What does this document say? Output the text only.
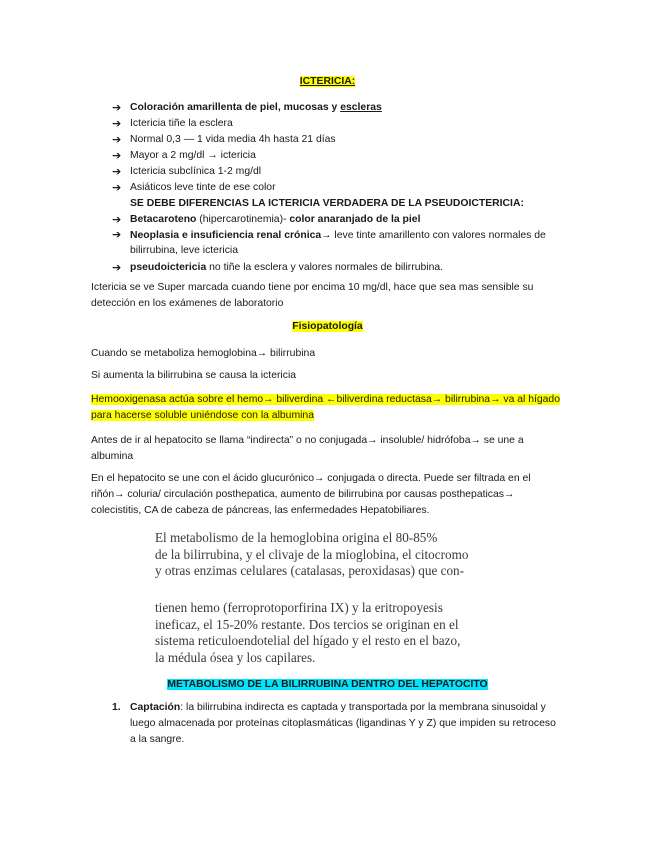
ICTERICIA:
➔ Coloración amarillenta de piel, mucosas y escleras
➔ Ictericia tiñe la esclera
➔ Normal 0,3 — 1 vida media 4h hasta 21 días
➔ Mayor a 2 mg/dl → ictericia
➔ Ictericia subclínica 1-2 mg/dl
➔ Asiáticos leve tinte de ese color
SE DEBE DIFERENCIAS LA ICTERICIA VERDADERA DE LA PSEUDOICTERICIA:
➔ Betacaroteno (hipercarotinemia)- color anaranjado de la piel
➔ Neoplasia e insuficiencia renal crónica→ leve tinte amarillento con valores normales de bilirrubina, leve ictericia
➔ pseudoictericia no tiñe la esclera y valores normales de bilirrubina.
Ictericia se ve Super marcada cuando tiene por encima 10 mg/dl, hace que sea mas sensible su detección en los exámenes de laboratorio
Fisiopatología
Cuando se metaboliza hemoglobina→ bilirrubina
Si aumenta la bilirrubina se causa la ictericia
Hemooxigenasa actúa sobre el hemo→ biliverdina ←biliverdina reductasa→ bilirrubina→ va al hígado para hacerse soluble uniéndose con la albumina
Antes de ir al hepatocito se llama “indirecta” o no conjugada→ insoluble/ hidrófoba→ se une a albumina
En el hepatocito se une con el ácido glucurónico→ conjugada o directa. Puede ser filtrada en el riñón→ coluria/ circulación posthepatica, aumento de bilirrubina por causas posthepaticas→ colecistitis, CA de cabeza de páncreas, las enfermedades Hepatobiliares.
El metabolismo de la hemoglobina origina el 80-85%
de la bilirrubina, y el clivaje de la mioglobina, el citocromo
y otras enzimas celulares (catalasas, peroxidasas) que con-
tienen hemo (ferroprotoporfirina IX) y la eritropoyesis
ineficaz, el 15-20% restante. Dos tercios se originan en el
sistema reticuloendotelial del hígado y el resto en el bazo,
la médula ósea y los capilares.
METABOLISMO DE LA BILIRRUBINA DENTRO DEL HEPATOCITO
1. Captación: la bilirrubina indirecta es captada y transportada por la membrana sinusoidal y luego almacenada por proteínas citoplasmáticas (ligandinas Y y Z) que impiden su retroceso a la sangre.
